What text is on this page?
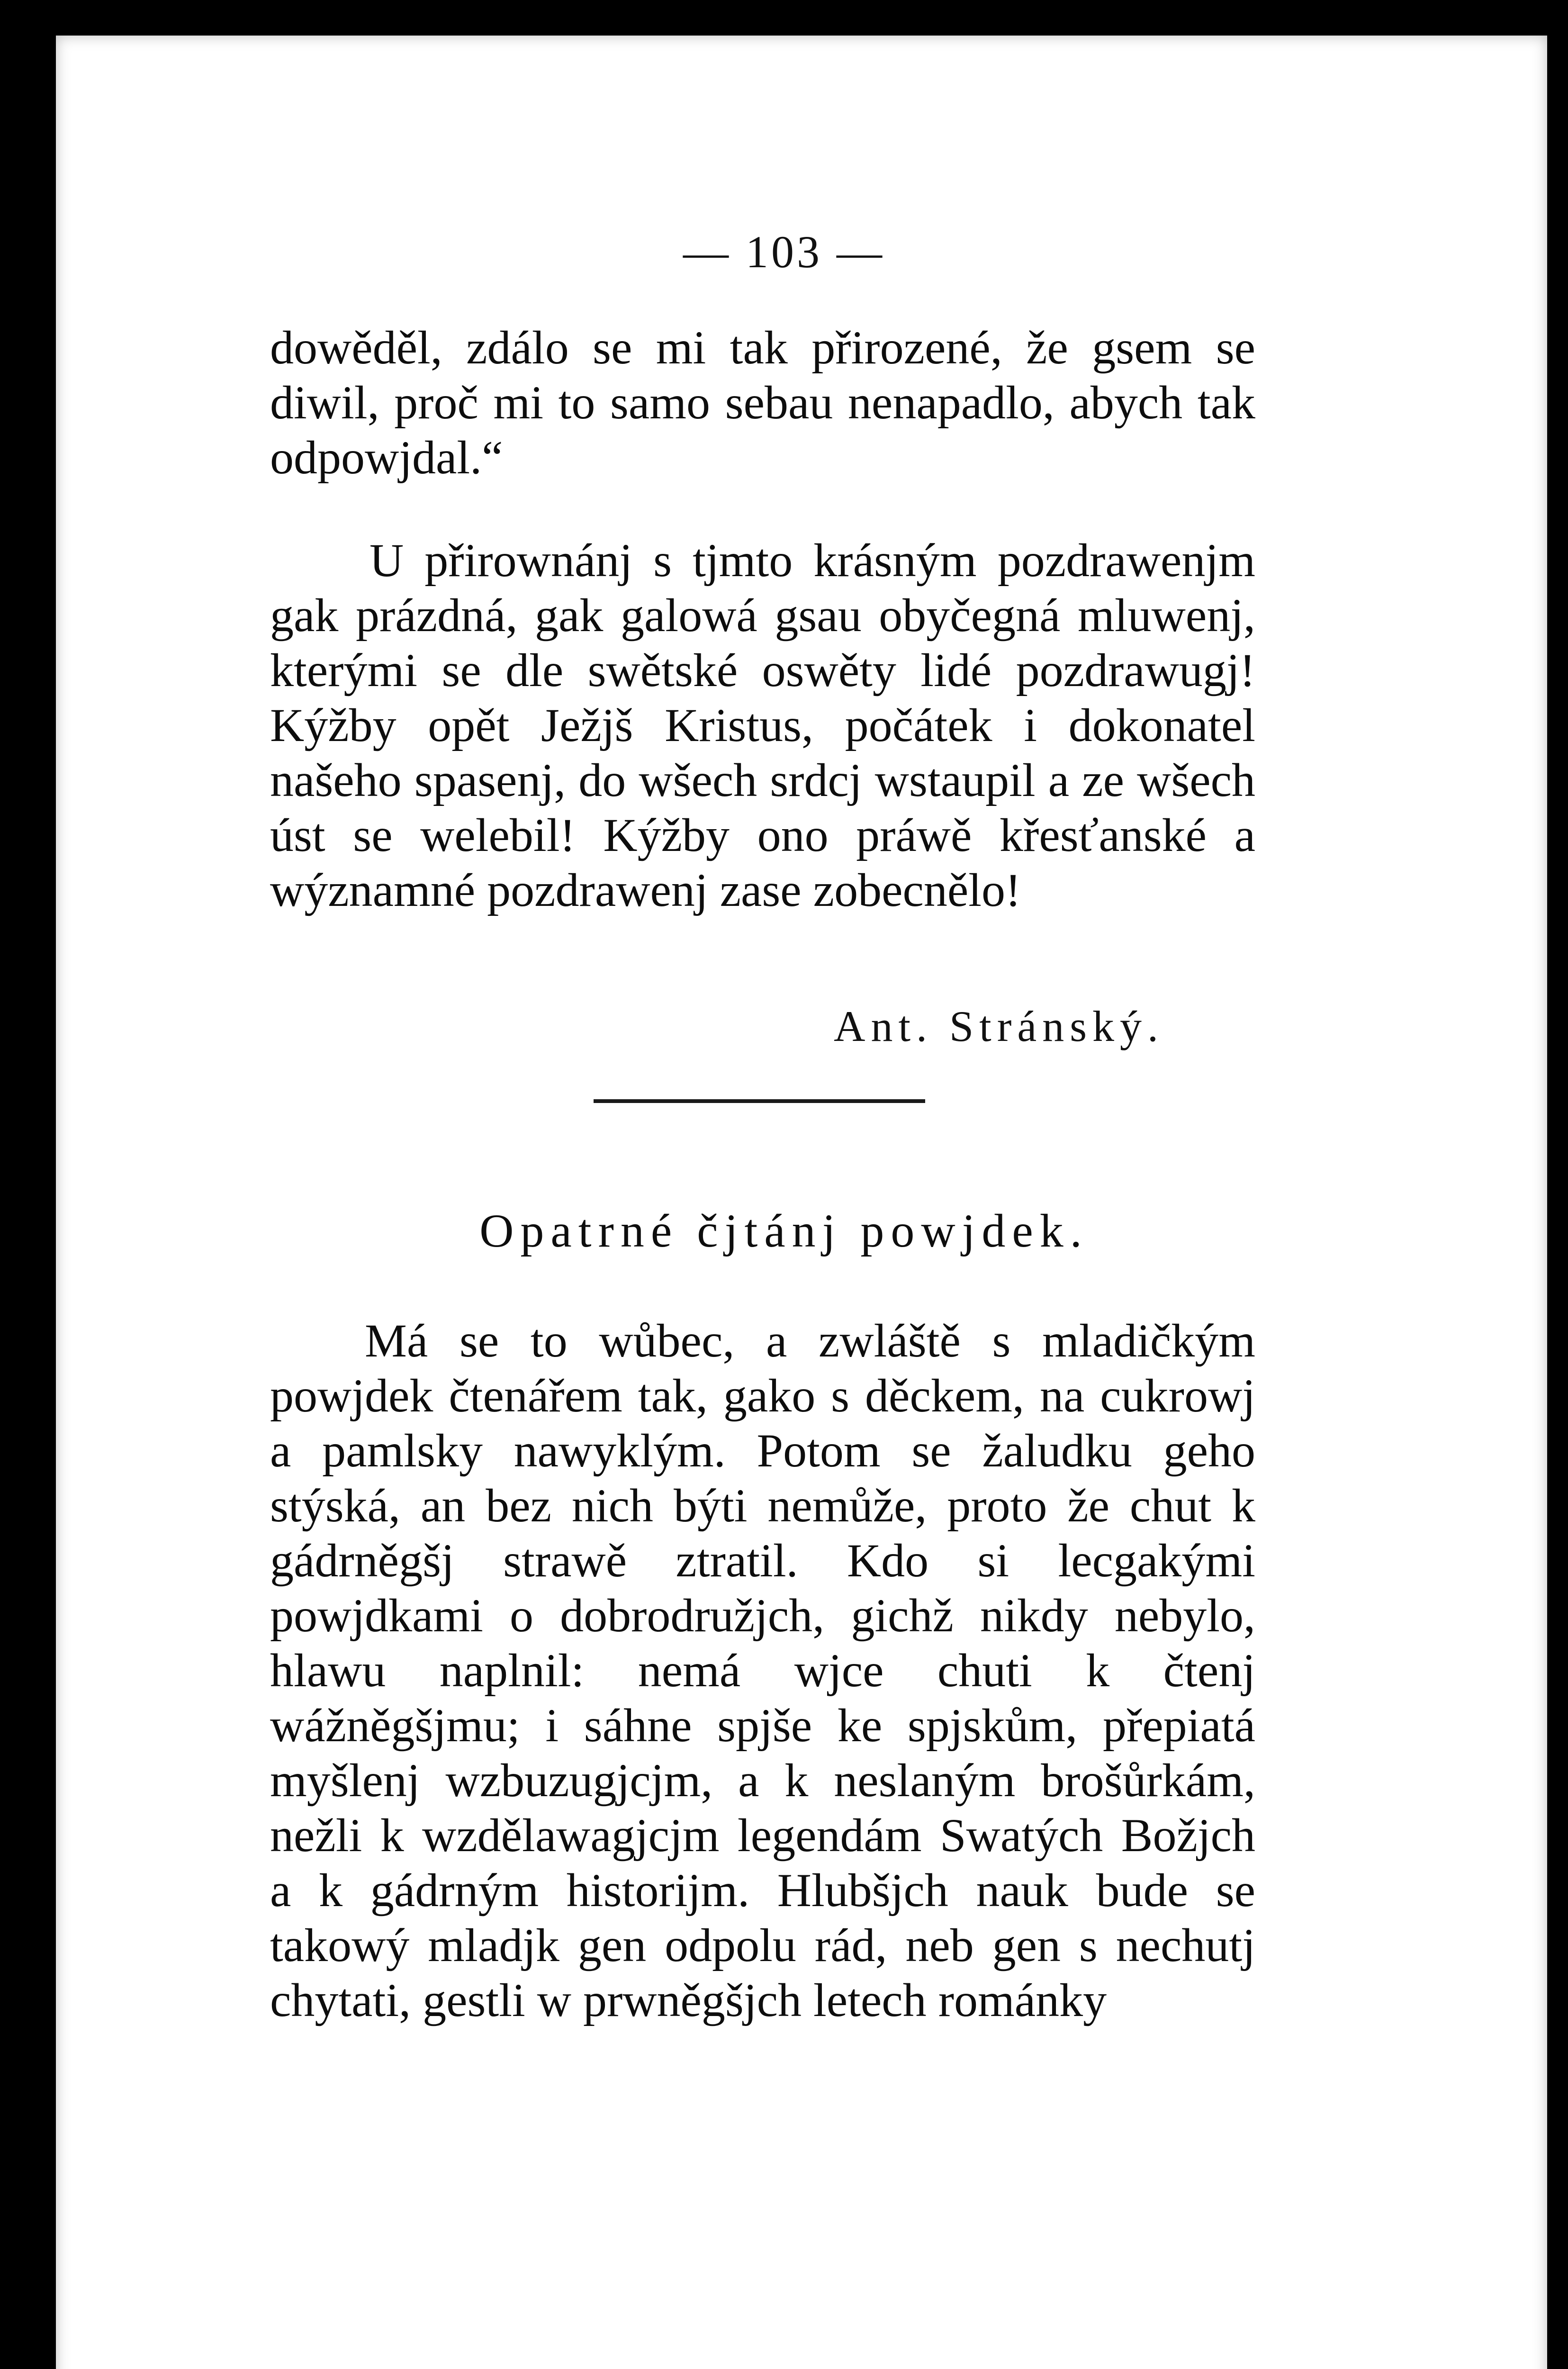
— 103 —
dowěděl, zdálo se mi tak přirozené, že gsem se diwil, proč mi to samo sebau nenapadlo, abych tak odpowjdal.“
U přirownánj s tjmto krásným pozdrawenjm gak prázdná, gak galowá gsau obyčegná mluwenj, kterými se dle swětské oswěty lidé pozdrawugj! Kýžby opět Ježjš Kristus, počátek i dokonatel našeho spasenj, do wšech srdcj wstaupil a ze wšech úst se welebil! Kýžby ono práwě křesťanské a wýznamné pozdrawenj zase zobecnělo!
Ant. Stránský.
Opatrné čjtánj powjdek.
Má se to wůbec, a zwláště s mladičkým powjdek čtenářem tak, gako s děckem, na cukrowj a pamlsky nawyklým. Potom se žaludku geho stýská, an bez nich býti nemůže, proto že chut k gádrněgšj strawě ztratil. Kdo si lecgakými powjdkami o dobrodružjch, gichž nikdy nebylo, hlawu naplnil: nemá wjce chuti k čtenj wážněgšjmu; i sáhne spjše ke spjskům, přepiatá myšlenj wzbuzugjcjm, a k neslaným brošůrkám, nežli k wzdělawagjcjm legendám Swatých Božjch a k gádrným historijm. Hlubšjch nauk bude se takowý mladjk gen odpolu rád, neb gen s nechutj chytati, gestli w prwněgšjch letech románky
